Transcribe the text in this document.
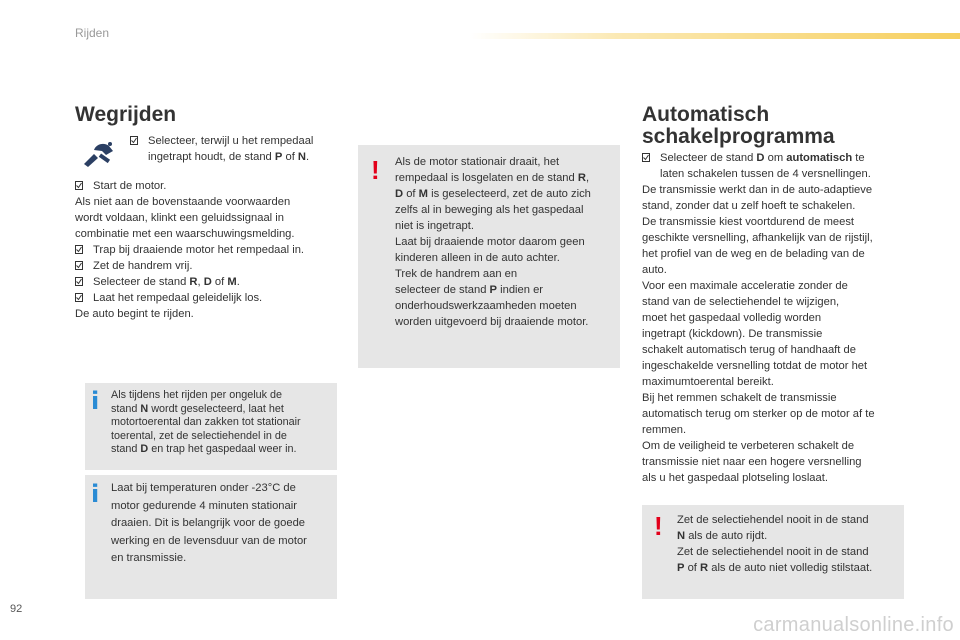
Rijden
Wegrijden
Selecteer, terwijl u het rempedaal
ingetrapt houdt, de stand P of N.
Start de motor.
Als niet aan de bovenstaande voorwaarden
wordt voldaan, klinkt een geluidssignaal in
combinatie met een waarschuwingsmelding.
Trap bij draaiende motor het rempedaal in.
Zet de handrem vrij.
Selecteer de stand R, D of M.
Laat het rempedaal geleidelijk los.
De auto begint te rijden.
i Als tijdens het rijden per ongeluk de
stand N wordt geselecteerd, laat het
motortoerental dan zakken tot stationair
toerental, zet de selectiehendel in de
stand D en trap het gaspedaal weer in.
i Laat bij temperaturen onder -23°C de
motor gedurende 4 minuten stationair
draaien. Dit is belangrijk voor de goede
werking en de levensduur van de motor
en transmissie.
! Als de motor stationair draait, het
rempedaal is losgelaten en de stand R,
D of M is geselecteerd, zet de auto zich
zelfs al in beweging als het gaspedaal
niet is ingetrapt.
Laat bij draaiende motor daarom geen
kinderen alleen in de auto achter.
Trek de handrem aan en
selecteer de stand P indien er
onderhoudswerkzaamheden moeten
worden uitgevoerd bij draaiende motor.
Automatisch
schakelprogramma
Selecteer de stand D om automatisch te
laten schakelen tussen de 4 versnellingen.
De transmissie werkt dan in de auto-adaptieve
stand, zonder dat u zelf hoeft te schakelen.
De transmissie kiest voortdurend de meest
geschikte versnelling, afhankelijk van de rijstijl,
het profiel van de weg en de belading van de
auto.
Voor een maximale acceleratie zonder de
stand van de selectiehendel te wijzigen,
moet het gaspedaal volledig worden
ingetrapt (kickdown). De transmissie
schakelt automatisch terug of handhaaft de
ingeschakelde versnelling totdat de motor het
maximumtoerental bereikt.
Bij het remmen schakelt de transmissie
automatisch terug om sterker op de motor af te
remmen.
Om de veiligheid te verbeteren schakelt de
transmissie niet naar een hogere versnelling
als u het gaspedaal plotseling loslaat.
! Zet de selectiehendel nooit in de stand
N als de auto rijdt.
Zet de selectiehendel nooit in de stand
P of R als de auto niet volledig stilstaat.
92
carmanualsonline.info
